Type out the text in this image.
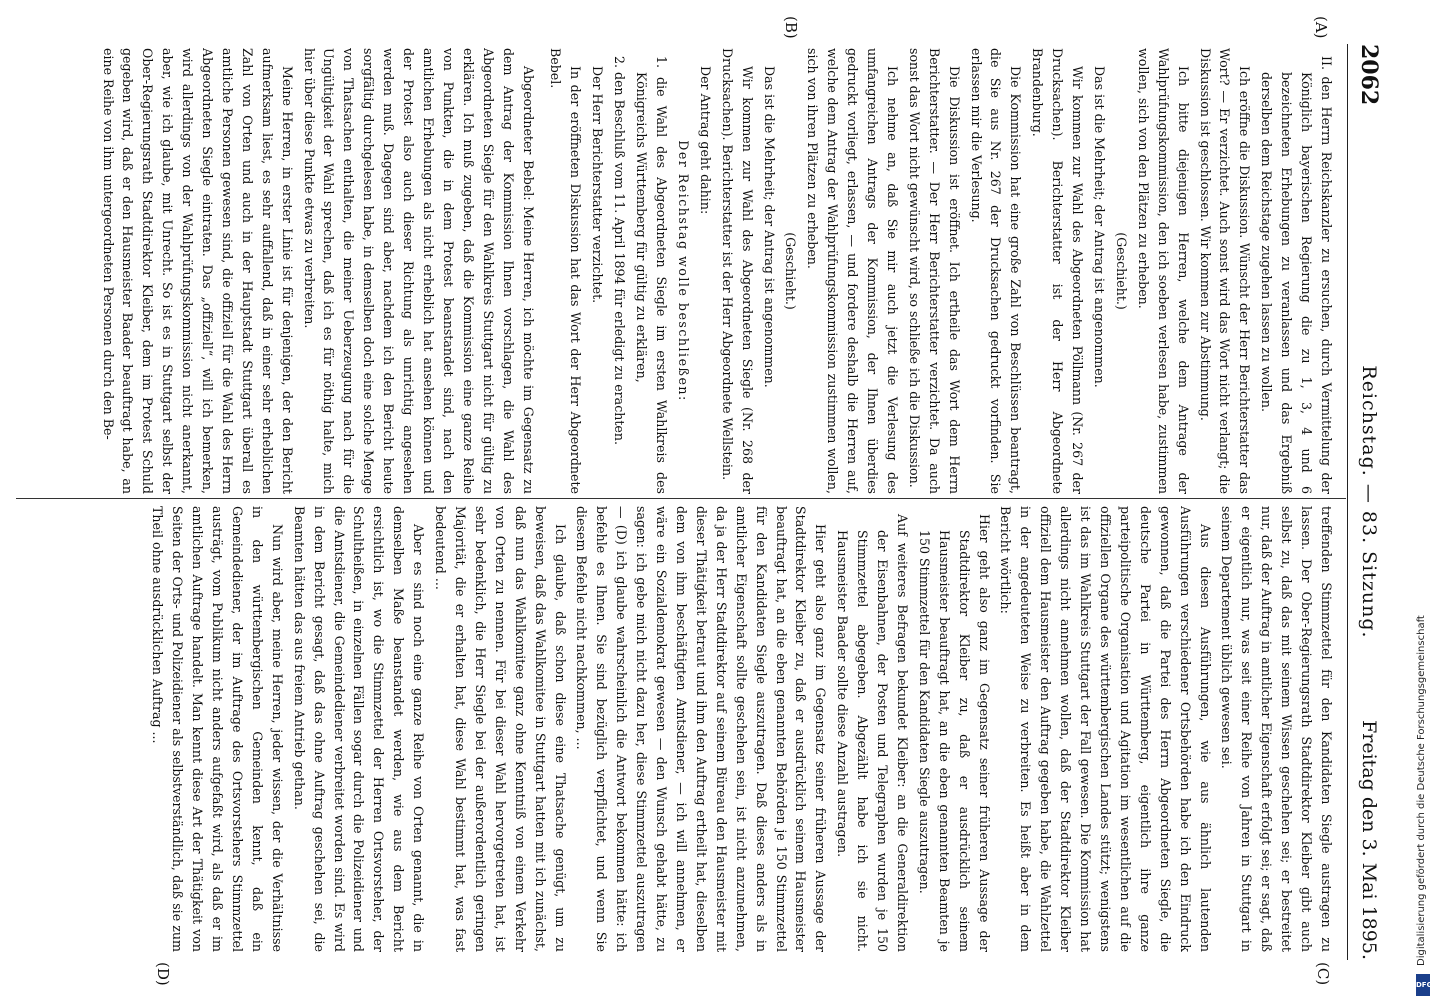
2062
Reichstag. — 83. Sitzung.
Freitag den 3. Mai 1895.
(A)
(B)
(C)
(D)

II. den Herrn Reichskanzler zu ersuchen, durch Vermittelung der Königlich bayerischen Regierung die zu 1, 3, 4 und 6 bezeichneten Erhebungen zu veranlassen und das Ergebniß derselben dem Reichstage zugehen lassen zu wollen.

Ich eröffne die Diskussion. Wünscht der Herr Berichterstatter das Wort? — Er verzichtet. Auch sonst wird das Wort nicht verlangt; die Diskussion ist geschlossen. Wir kommen zur Abstimmung.

Ich bitte diejenigen Herren, welche dem Antrage der Wahlprüfungskommission, den ich soeben verlesen habe, zustimmen wollen, sich von den Plätzen zu erheben.

(Geschieht.)

Das ist die Mehrheit; der Antrag ist angenommen.

Wir kommen zur Wahl des Abgeordneten Pöllmann (Nr. 267 der Drucksachen). Berichterstatter ist der Herr Abgeordnete Brandenburg.

Die Kommission hat eine große Zahl von Beschlüssen beantragt, die Sie aus Nr. 267 der Drucksachen gedruckt vorfinden. Sie erlassen mir die Verlesung.

Die Diskussion ist eröffnet. Ich ertheile das Wort dem Herrn Berichterstatter. — Der Herr Berichterstatter verzichtet. Da auch sonst das Wort nicht gewünscht wird, so schließe ich die Diskussion.

Ich nehme an, daß Sie mir auch jetzt die Verlesung des umfangreichen Antrags der Kommission, der Ihnen überdies gedruckt vorliegt, erlassen, — und fordere deshalb die Herren auf, welche dem Antrag der Wahlprüfungskommission zustimmen wollen, sich von ihren Plätzen zu erheben.

(Geschieht.)

Das ist die Mehrheit; der Antrag ist angenommen.

Wir kommen zur Wahl des Abgeordneten Siegle (Nr. 268 der Drucksachen). Berichterstatter ist der Herr Abgeordnete Wellstein.

Der Antrag geht dahin:

Der Reichstag wolle beschließen:

1. die Wahl des Abgeordneten Siegle im ersten Wahlkreis des Königreichs Württemberg für gültig zu erklären,

2. den Beschluß vom 11. April 1894 für erledigt zu erachten.

Der Herr Berichterstatter verzichtet.

In der eröffneten Diskussion hat das Wort der Herr Abgeordnete Bebel.

Abgeordneter Bebel: Meine Herren, ich möchte im Gegensatz zu dem Antrag der Kommission Ihnen vorschlagen, die Wahl des Abgeordneten Siegle für den Wahlkreis Stuttgart nicht für gültig zu erklären. Ich muß zugeben, daß die Kommission eine ganze Reihe von Punkten, die in dem Protest beanstandet sind, nach den amtlichen Erhebungen als nicht erheblich hat ansehen können und der Protest also auch dieser Richtung als unrichtig angesehen werden muß. Dagegen sind aber, nachdem ich den Bericht heute sorgfältig durchgelesen habe, in demselben doch eine solche Menge von Thatsachen enthalten, die meiner Ueberzeugung nach für die Ungültigkeit der Wahl sprechen, daß ich es für nöthig halte, mich hier über diese Punkte etwas zu verbreiten.

Meine Herren, in erster Linie ist für denjenigen, der den Bericht aufmerksam liest, es sehr auffallend, daß in einer sehr erheblichen Zahl von Orten und auch in der Hauptstadt Stuttgart überall es amtliche Personen gewesen sind, die offiziell für die Wahl des Herrn Abgeordneten Siegle eintraten. Das „offiziell“, will ich bemerken, wird allerdings von der Wahlprüfungskommission nicht anerkannt, aber, wie ich glaube, mit Unrecht. So ist es in Stuttgart selbst der Ober-Regierungsrath Stadtdirektor Kleiber, dem im Protest Schuld gegeben wird, daß er den Hausmeister Baader beauftragt habe, an eine Reihe von ihm untergeordneten Personen durch den Be-

treffenden Stimmzettel für den Kandidaten Siegle austragen zu lassen. Der Ober-Regierungsrath Stadtdirektor Kleiber gibt auch selbst zu, daß das mit seinem Wissen geschehen sei; er bestreitet nur, daß der Auftrag in amtlicher Eigenschaft erfolgt sei; er sagt, daß er eigentlich nur, was seit einer Reihe von Jahren in Stuttgart in seinem Departement üblich gewesen sei.

Aus diesen Ausführungen, wie aus ähnlich lautenden Ausführungen verschiedener Ortsbehörden habe ich den Eindruck gewonnen, daß die Partei des Herrn Abgeordneten Siegle, die deutsche Partei in Württemberg, eigentlich ihre ganze parteipolitische Organisation und Agitation im wesentlichen auf die offiziellen Organe des württembergischen Landes stützt; wenigstens ist das im Wahlkreis Stuttgart der Fall gewesen. Die Kommission hat allerdings nicht annehmen wollen, daß der Stadtdirektor Kleiber offiziell dem Hausmeister den Auftrag gegeben habe, die Wahlzettel in der angedeuteten Weise zu verbreiten. Es heißt aber in dem Bericht wörtlich:

Hier geht also ganz im Gegensatz seiner früheren Aussage der Stadtdirektor Kleiber zu, daß er ausdrücklich seinem Hausmeister beauftragt hat, an die eben genannten Beamten je 150 Stimmzettel für den Kandidaten Siegle auszutragen.

Auf weiteres Befragen bekundet Kleiber: an die Generaldirektion der Eisenbahnen, der Posten und Telegraphen wurden je 150 Stimmzettel abgegeben. Abgezählt habe ich sie nicht. Hausmeister Baader sollte diese Anzahl austragen.

Hier geht also ganz im Gegensatz seiner früheren Aussage der Stadtdirektor Kleiber zu, daß er ausdrücklich seinem Hausmeister beauftragt hat, an die eben genannten Behörden je 150 Stimmzettel für den Kandidaten Siegle auszutragen. Daß dieses anders als in amtlicher Eigenschaft sollte geschehen sein, ist nicht anzunehmen, da ja der Herr Stadtdirektor auf seinem Büreau den Hausmeister mit dieser Thätigkeit betraut und ihm den Auftrag ertheilt hat, dieselben dem von ihm beschäftigten Amtsdiener, — ich will annehmen, er wäre ein Sozialdemokrat gewesen — den Wunsch gehabt hätte, zu sagen: ich gebe mich nicht dazu her, diese Stimmzettel auszutragen — (D) ich glaube wahrscheinlich die Antwort bekommen hätte: ich befehle es Ihnen. Sie sind bezüglich verpflichtet, und wenn Sie diesem Befehle nicht nachkommen, ...

Ich glaube, daß schon diese eine Thatsache genügt, um zu beweisen, daß das Wahlkomitee in Stuttgart hatten mit ich zunächst, daß nun das Wahlkomitee ganz ohne Kenntniß von einem Verkehr von Orten zu nennen. Für bei dieser Wahl hervorgetreten hat, ist sehr bedenklich, die Herr Siegle bei der außerordentlich geringen Majorität, die er erhalten hat, diese Wahl bestimmt hat, was fast bedeutend ...

Aber es sind noch eine ganze Reihe von Orten genannt, die in demselben Maße beanstandet werden, wie aus dem Bericht ersichtlich ist, wo die Stimmzettel der Herren Ortsvorsteher, der Schultheißen, in einzelnen Fällen sogar durch die Polizeidiener und die Amtsdiener, die Gemeindediener verbreitet worden sind. Es wird in dem Bericht gesagt, daß das ohne Auftrag geschehen sei, die Beamten hätten das aus freiem Antrieb gethan.

Nun wird aber, meine Herren, jeder wissen, der die Verhältnisse in den württembergischen Gemeinden kennt, daß ein Gemeindediener, der im Auftrage des Ortsvorstehers Stimmzettel austrägt, vom Publikum nicht anders aufgefaßt wird, als daß er im amtlichen Auftrage handelt. Man kennt diese Art der Thätigkeit von Seiten der Orts- und Polizeidiener als selbstverständlich, daß sie zum Theil ohne ausdrücklichen Auftrag ...	Digitalisierung gefördert durch die Deutsche Forschungsgemeinschaft
DFG
